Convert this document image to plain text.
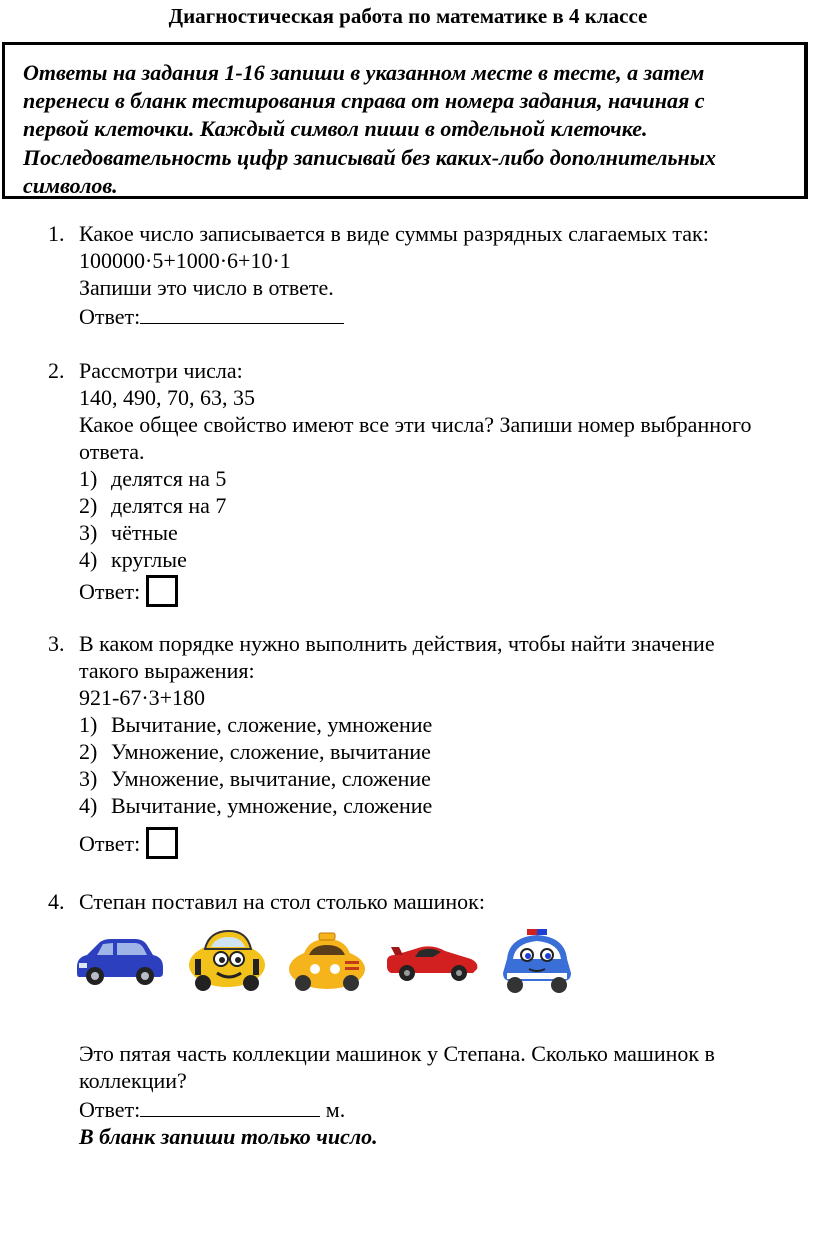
Диагностическая работа по математике в 4 классе
Ответы на задания 1-16 запиши в указанном месте в тесте, а затем
перенеси в бланк тестирования справа от номера задания, начиная с
первой клеточки. Каждый символ пиши в отдельной клеточке.
Последовательность цифр записывай без каких-либо дополнительных
символов.
1. Какое число записывается в виде суммы разрядных слагаемых так:
100000·5+1000·6+10·1
Запиши это число в ответе.
Ответ:
2. Рассмотри числа:
140, 490, 70, 63, 35
Какое общее свойство имеют все эти числа? Запиши номер выбранного
ответа.
1) делятся на 5
2) делятся на 7
3) чётные
4) круглые
Ответ:
3. В каком порядке нужно выполнить действия, чтобы найти значение
такого выражения:
921-67·3+180
1) Вычитание, сложение, умножение
2) Умножение, сложение, вычитание
3) Умножение, вычитание, сложение
4) Вычитание, умножение, сложение
Ответ:
4. Степан поставил на стол столько машинок:
Это пятая часть коллекции машинок у Степана. Сколько машинок в
коллекции?
Ответ:	м.
В бланк запиши только число.
